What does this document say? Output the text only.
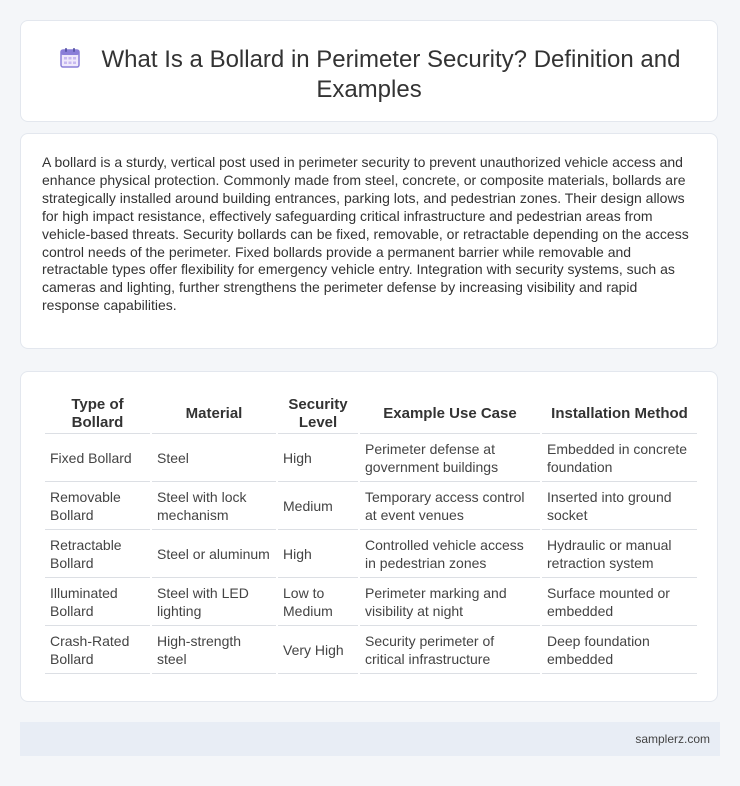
What Is a Bollard in Perimeter Security? Definition and Examples

A bollard is a sturdy, vertical post used in perimeter security to prevent unauthorized vehicle access and enhance physical protection. Commonly made from steel, concrete, or composite materials, bollards are strategically installed around building entrances, parking lots, and pedestrian zones. Their design allows for high impact resistance, effectively safeguarding critical infrastructure and pedestrian areas from vehicle-based threats. Security bollards can be fixed, removable, or retractable depending on the access control needs of the perimeter. Fixed bollards provide a permanent barrier while removable and retractable types offer flexibility for emergency vehicle entry. Integration with security systems, such as cameras and lighting, further strengthens the perimeter defense by increasing visibility and rapid response capabilities.

Type of Bollard	Material	Security Level	Example Use Case	Installation Method
Fixed Bollard	Steel	High	Perimeter defense at government buildings	Embedded in concrete foundation
Removable Bollard	Steel with lock mechanism	Medium	Temporary access control at event venues	Inserted into ground socket
Retractable Bollard	Steel or aluminum	High	Controlled vehicle access in pedestrian zones	Hydraulic or manual retraction system
Illuminated Bollard	Steel with LED lighting	Low to Medium	Perimeter marking and visibility at night	Surface mounted or embedded
Crash-Rated Bollard	High-strength steel	Very High	Security perimeter of critical infrastructure	Deep foundation embedded
samplerz.com
